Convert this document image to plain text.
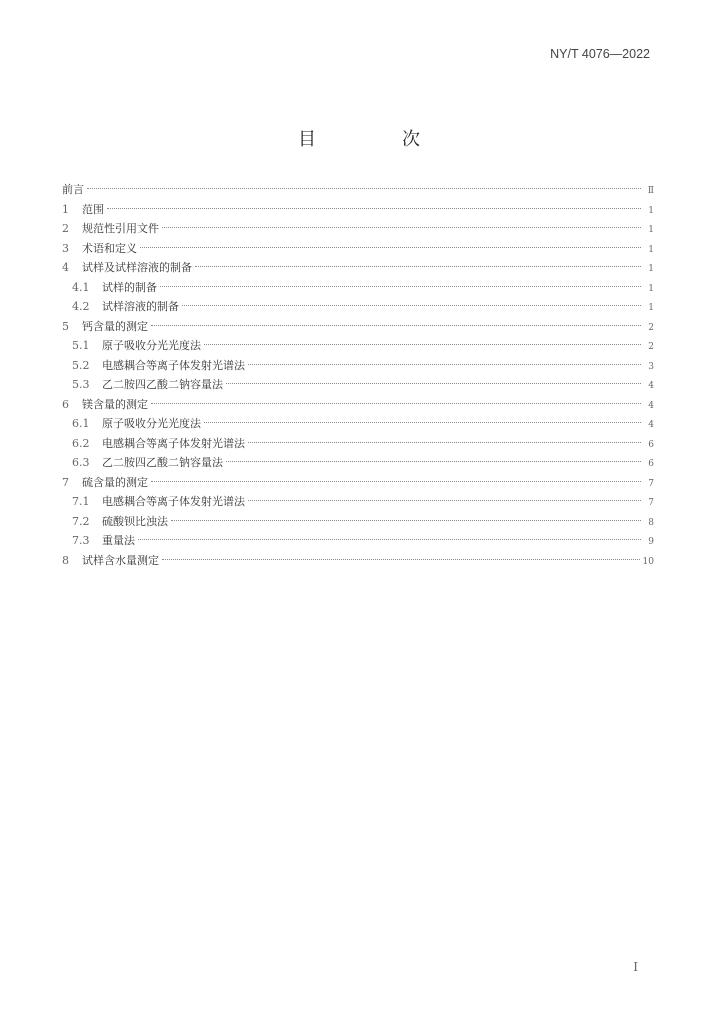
NY/T 4076—2022
目　次
前言	Ⅱ
1	范围	1
2	规范性引用文件	1
3	术语和定义	1
4	试样及试样溶液的制备	1
4.1	试样的制备	1
4.2	试样溶液的制备	1
5	钙含量的测定	2
5.1	原子吸收分光光度法	2
5.2	电感耦合等离子体发射光谱法	3
5.3	乙二胺四乙酸二钠容量法	4
6	镁含量的测定	4
6.1	原子吸收分光光度法	4
6.2	电感耦合等离子体发射光谱法	6
6.3	乙二胺四乙酸二钠容量法	6
7	硫含量的测定	7
7.1	电感耦合等离子体发射光谱法	7
7.2	硫酸钡比浊法	8
7.3	重量法	9
8	试样含水量测定	10
Ⅰ
